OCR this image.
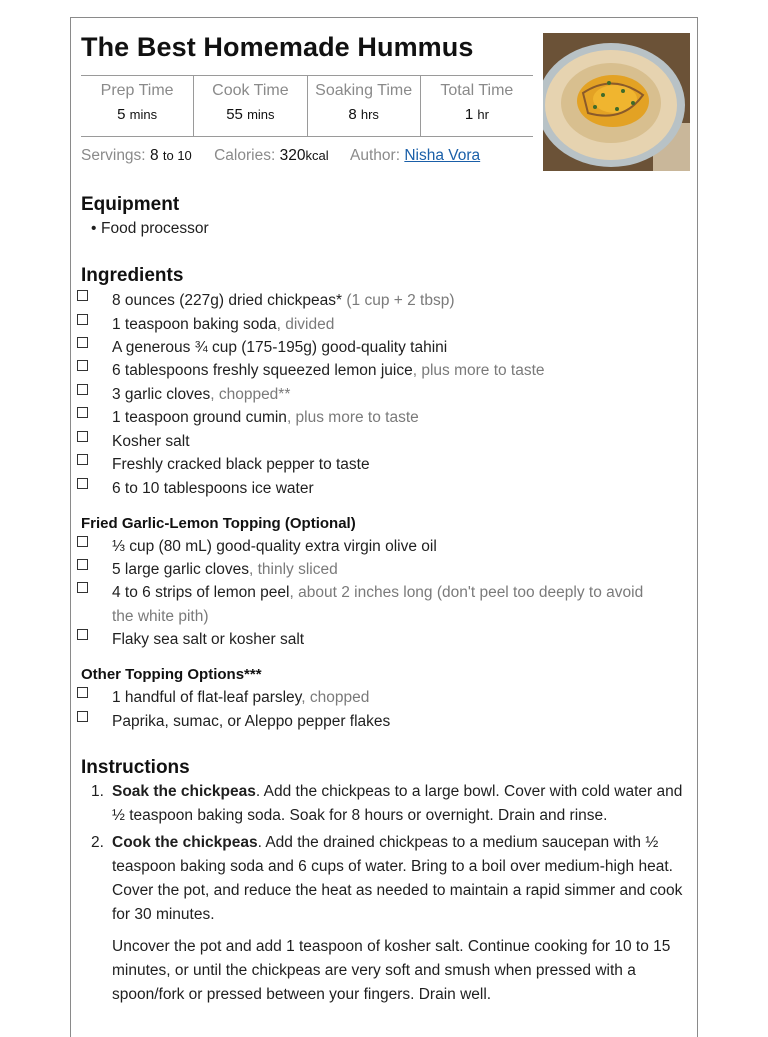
The Best Homemade Hummus
Prep Time
5 mins
Cook Time
55 mins
Soaking Time
8 hrs
Total Time
1 hr
Servings: 8 to 10 Calories: 320kcal Author: Nisha Vora
Equipment
• Food processor
Ingredients
8 ounces (227g) dried chickpeas* (1 cup + 2 tbsp)
1 teaspoon baking soda, divided
A generous ¾ cup (175-195g) good-quality tahini
6 tablespoons freshly squeezed lemon juice, plus more to taste
3 garlic cloves, chopped**
1 teaspoon ground cumin, plus more to taste
Kosher salt
Freshly cracked black pepper to taste
6 to 10 tablespoons ice water
Fried Garlic-Lemon Topping (Optional)
⅓ cup (80 mL) good-quality extra virgin olive oil
5 large garlic cloves, thinly sliced
4 to 6 strips of lemon peel, about 2 inches long (don't peel too deeply to avoid the white pith)
Flaky sea salt or kosher salt
Other Topping Options***
1 handful of flat-leaf parsley, chopped
Paprika, sumac, or Aleppo pepper flakes
Instructions
1. Soak the chickpeas. Add the chickpeas to a large bowl. Cover with cold water and ½ teaspoon baking soda. Soak for 8 hours or overnight. Drain and rinse.
2. Cook the chickpeas. Add the drained chickpeas to a medium saucepan with ½ teaspoon baking soda and 6 cups of water. Bring to a boil over medium-high heat. Cover the pot, and reduce the heat as needed to maintain a rapid simmer and cook for 30 minutes.
Uncover the pot and add 1 teaspoon of kosher salt. Continue cooking for 10 to 15 minutes, or until the chickpeas are very soft and smush when pressed with a spoon/fork or pressed between your fingers. Drain well.
